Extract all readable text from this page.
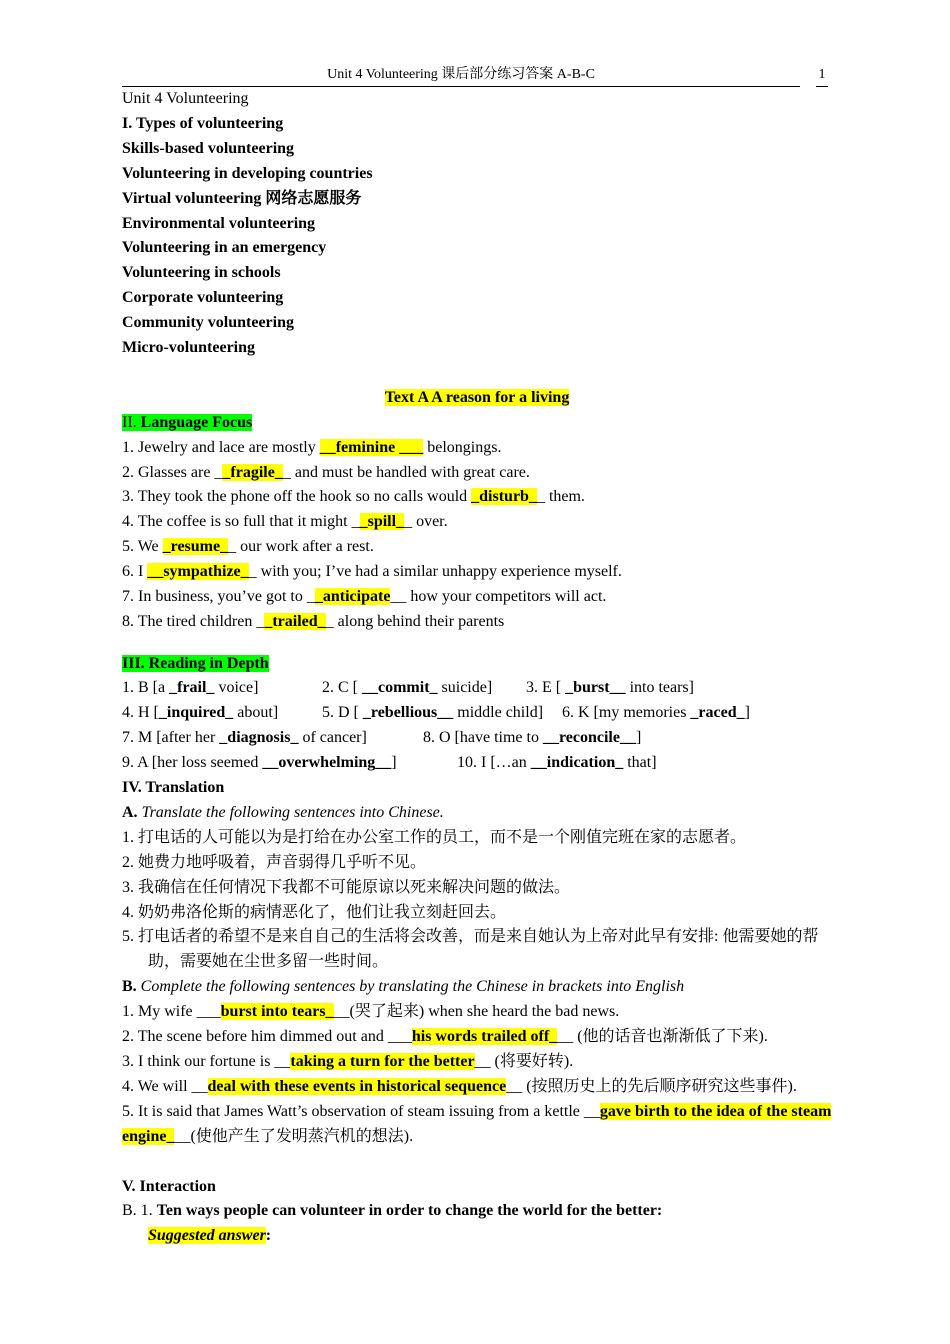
Unit 4 Volunteering 课后部分练习答案 A-B-C	1
Unit 4 Volunteering
I. Types of volunteering
Skills-based volunteering
Volunteering in developing countries
Virtual volunteering 网络志愿服务
Environmental volunteering
Volunteering in an emergency
Volunteering in schools
Corporate volunteering
Community volunteering
Micro-volunteering
Text A A reason for a living
II. Language Focus
1. Jewelry and lace are mostly __feminine ___ belongings.
2. Glasses are __fragile__ and must be handled with great care.
3. They took the phone off the hook so no calls would _disturb__ them.
4. The coffee is so full that it might __spill__ over.
5. We _resume__ our work after a rest.
6. I __sympathize__ with you; I’ve had a similar unhappy experience myself.
7. In business, you’ve got to __anticipate__ how your competitors will act.
8. The tired children __trailed__ along behind their parents
III. Reading in Depth
1. B [a _frail_ voice]	2. C [ __commit_ suicide] 3. E [ _burst__ into tears]
4. H [_inquired_ about]	5. D [ _rebellious__ middle child] 6. K [my memories _raced_]
7. M [after her _diagnosis_ of cancer]	8. O [have time to __reconcile__]
9. A [her loss seemed __overwhelming__]	10. I […an __indication_ that]
IV. Translation
A. Translate the following sentences into Chinese.
1. 打电话的人可能以为是打给在办公室工作的员工，而不是一个刚值完班在家的志愿者。
2. 她费力地呼吸着，声音弱得几乎听不见。
3. 我确信在任何情况下我都不可能原谅以死来解决问题的做法。
4. 奶奶弗洛伦斯的病情恶化了，他们让我立刻赶回去。
5. 打电话者的希望不是来自自己的生活将会改善，而是来自她认为上帝对此早有安排: 他需要她的帮助，需要她在尘世多留一些时间。
B. Complete the following sentences by translating the Chinese in brackets into English
1. My wife ___burst into tears___(哭了起来) when she heard the bad news.
2. The scene before him dimmed out and ___his words trailed off___ (他的话音也渐渐低了下来).
3. I think our fortune is __taking a turn for the better__ (将要好转).
4. We will __deal with these events in historical sequence__ (按照历史上的先后顺序研究这些事件).
5. It is said that James Watt’s observation of steam issuing from a kettle __gave birth to the idea of the steam engine___(使他产生了发明蒸汽机的想法).
V. Interaction
B. 1. Ten ways people can volunteer in order to change the world for the better:
Suggested answer:
